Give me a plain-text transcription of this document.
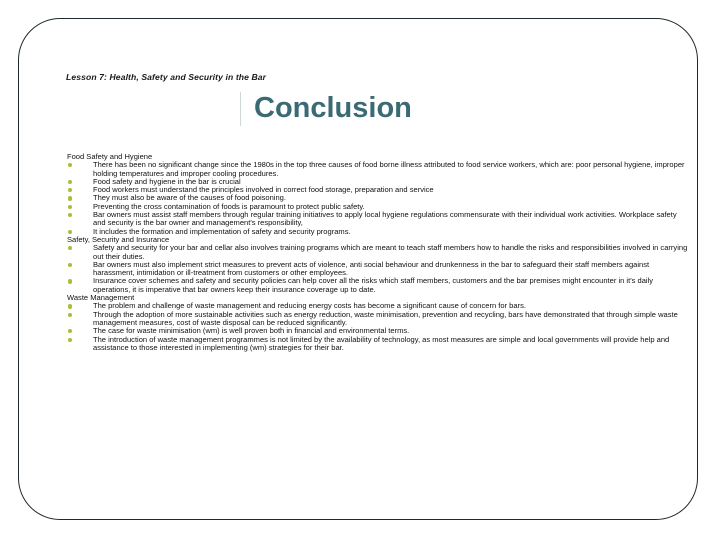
Lesson 7: Health, Safety and Security in the Bar
Conclusion
Food Safety and Hygiene
There has been no significant change since the 1980s in the top three causes of food borne illness attributed to food service workers, which are: poor personal hygiene, improper holding temperatures and improper cooling procedures.
Food safety and hygiene in the bar is crucial
Food workers must understand the principles involved in correct food storage, preparation and service
They must also be aware of the causes of food poisoning.
Preventing the cross contamination of foods is paramount to protect public safety.
Bar owners must assist staff members through regular training initiatives to apply local hygiene regulations commensurate with their individual work activities. Workplace safety and security is the bar owner and management's responsibility,
It includes the formation and implementation of safety and security programs.
Safety, Security and Insurance
Safety and security for your bar and cellar also involves training programs which are meant to teach staff members how to handle the risks and responsibilities involved in carrying out their duties.
Bar owners must also implement strict measures to prevent acts of violence, anti social behaviour and drunkenness in the bar to safeguard their staff members against harassment, intimidation or ill-treatment from customers or other employees.
Insurance cover schemes and safety and security policies can help cover all the risks which staff members, customers and the bar premises might encounter in it's daily operations, it is imperative that bar owners keep their insurance coverage up to date.
Waste Management
The problem and challenge of waste management and reducing energy costs has become a significant cause of concern for bars.
Through the adoption of more sustainable activities such as energy reduction, waste minimisation, prevention and recycling, bars have demonstrated that through simple waste management measures, cost of waste disposal can be reduced significantly.
The case for waste minimisation (wm) is well proven both in financial and environmental terms.
The introduction of waste management programmes is not limited by the availability of technology, as most measures are simple and local governments will provide help and assistance to those interested in implementing (wm) strategies for their bar.
